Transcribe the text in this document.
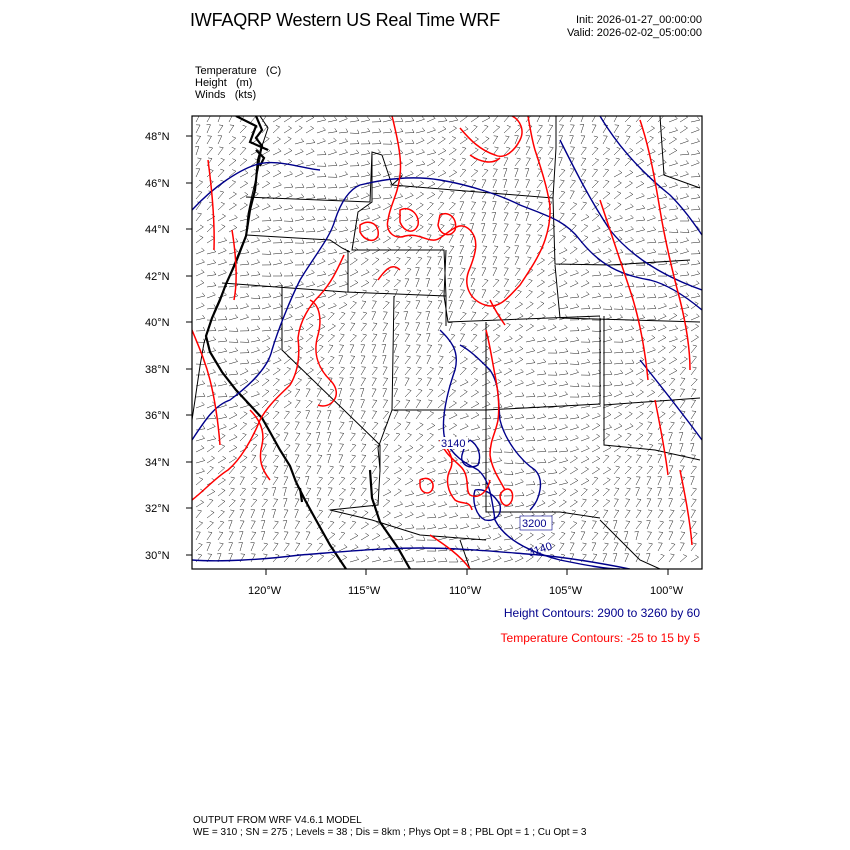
IWFAQRP Western US Real Time WRF	Init: 2026-01-27_00:00:00
Valid: 2026-02-02_05:00:00
Temperature   (C)
Height   (m)
Winds   (kts)
3140
3200
3140
48°N
46°N
44°N
42°N
40°N
38°N
36°N
34°N
32°N
30°N
120°W	115°W	110°W	105°W	100°W
Height Contours: 2900 to 3260 by 60
Temperature Contours: -25 to 15 by 5
OUTPUT FROM WRF V4.6.1 MODEL
WE = 310 ; SN = 275 ; Levels = 38 ; Dis = 8km ; Phys Opt = 8 ; PBL Opt = 1 ; Cu Opt = 3
